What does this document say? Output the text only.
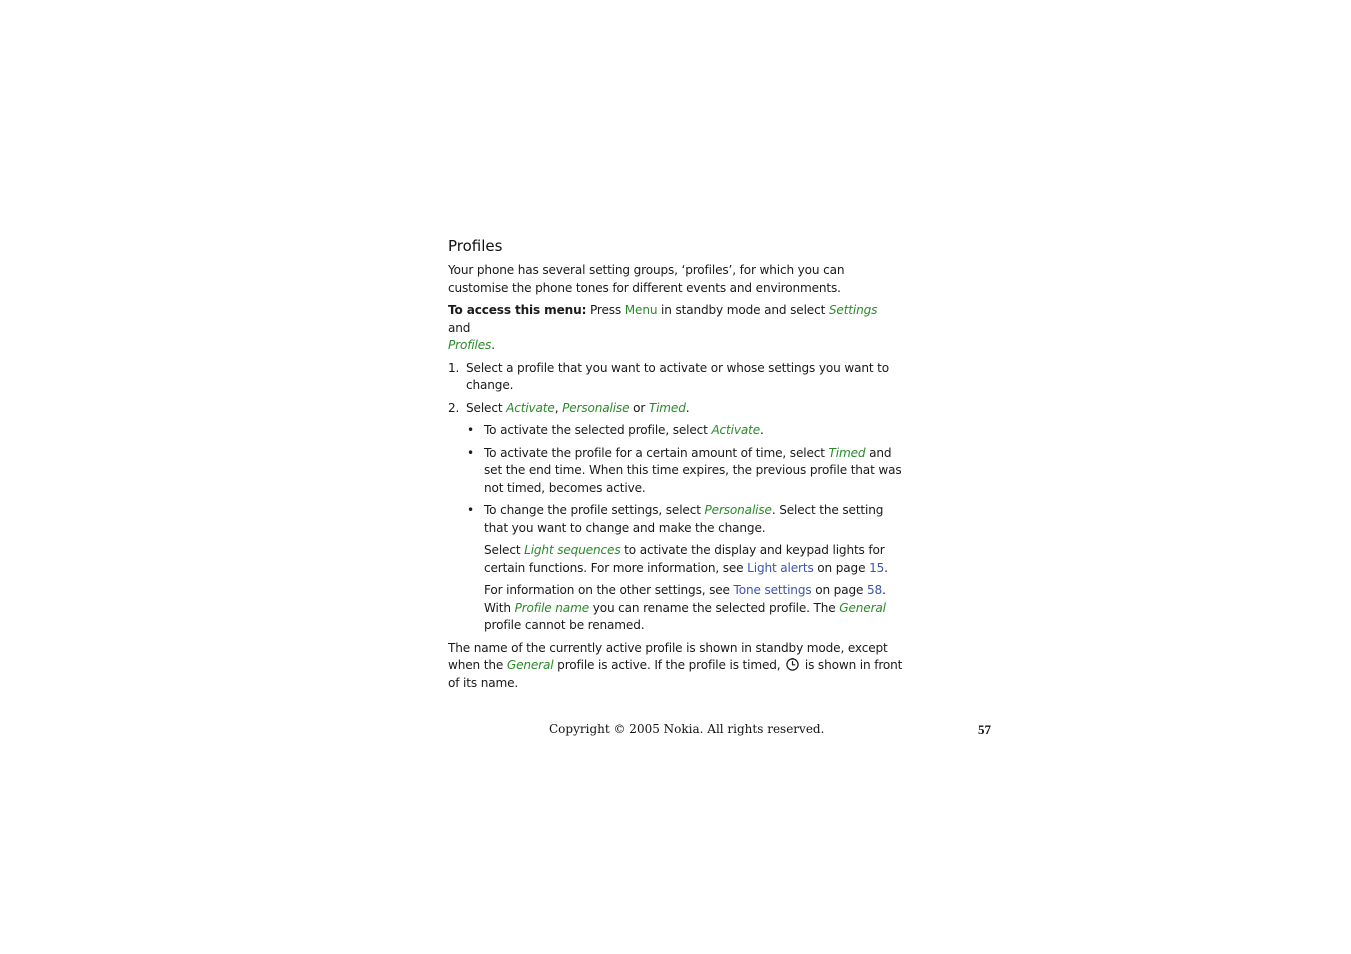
Profiles

Your phone has several setting groups, ‘profiles’, for which you can customise the phone tones for different events and environments.

To access this menu: Press Menu in standby mode and select Settings and
Profiles.

1. Select a profile that you want to activate or whose settings you want to change.
2. Select Activate, Personalise or Timed.
• To activate the selected profile, select Activate.
• To activate the profile for a certain amount of time, select Timed and set the end time. When this time expires, the previous profile that was not timed, becomes active.
• To change the profile settings, select Personalise. Select the setting that you want to change and make the change.

Select Light sequences to activate the display and keypad lights for certain functions. For more information, see Light alerts on page 15.

For information on the other settings, see Tone settings on page 58. With Profile name you can rename the selected profile. The General profile cannot be renamed.

The name of the currently active profile is shown in standby mode, except when the General profile is active. If the profile is timed,  is shown in front of its name.

Copyright © 2005 Nokia. All rights reserved.	57
